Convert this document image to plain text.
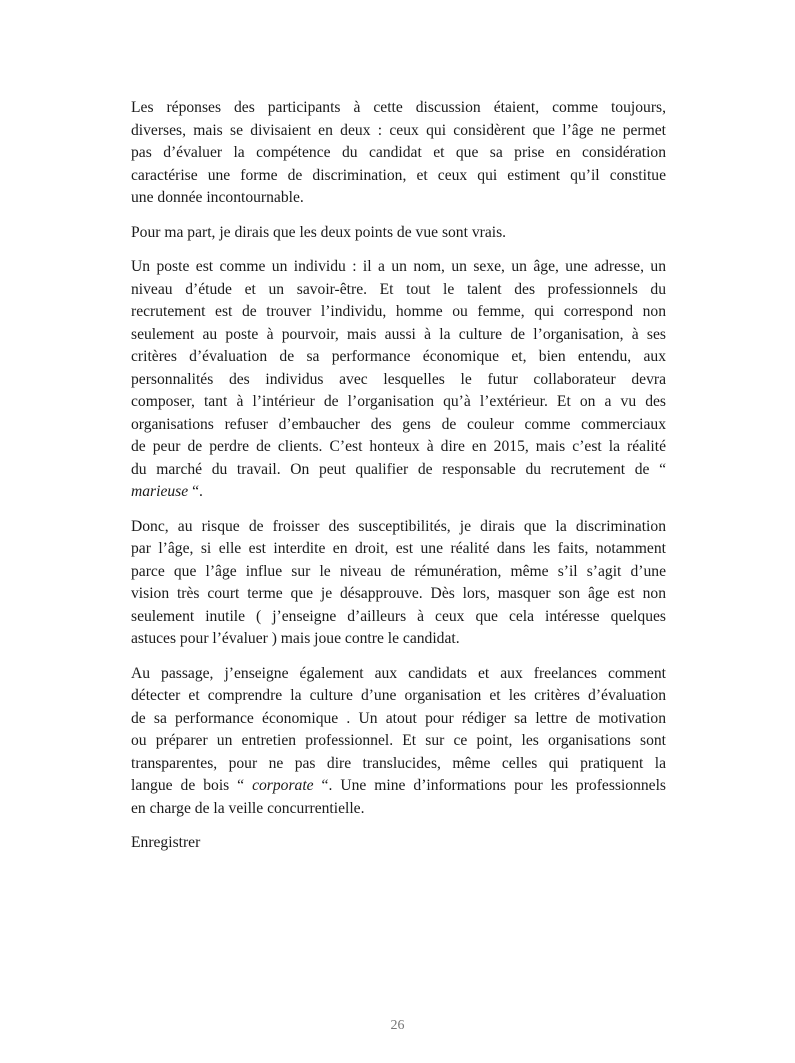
Les réponses des participants à cette discussion étaient, comme toujours,
diverses, mais se divisaient en deux : ceux qui considèrent que l’âge ne permet
pas d’évaluer la compétence du candidat et que sa prise en considération
caractérise une forme de discrimination, et ceux qui estiment qu’il constitue
une donnée incontournable.
Pour ma part, je dirais que les deux points de vue sont vrais.
Un poste est comme un individu : il a un nom, un sexe, un âge, une adresse, un
niveau d’étude et un savoir-être. Et tout le talent des professionnels du
recrutement est de trouver l’individu, homme ou femme, qui correspond non
seulement au poste à pourvoir, mais aussi à la culture de l’organisation, à ses
critères d’évaluation de sa performance économique et, bien entendu, aux
personnalités des individus avec lesquelles le futur collaborateur devra
composer, tant à l’intérieur de l’organisation qu’à l’extérieur. Et on a vu des
organisations refuser d’embaucher des gens de couleur comme commerciaux
de peur de perdre de clients. C’est honteux à dire en 2015, mais c’est la réalité
du marché du travail. On peut qualifier de responsable du recrutement de “
marieuse “.
Donc, au risque de froisser des susceptibilités, je dirais que la discrimination
par l’âge, si elle est interdite en droit, est une réalité dans les faits, notamment
parce que l’âge influe sur le niveau de rémunération, même s’il s’agit d’une
vision très court terme que je désapprouve. Dès lors, masquer son âge est non
seulement inutile ( j’enseigne d’ailleurs à ceux que cela intéresse quelques
astuces pour l’évaluer ) mais joue contre le candidat.
Au passage, j’enseigne également aux candidats et aux freelances comment
détecter et comprendre la culture d’une organisation et les critères d’évaluation
de sa performance économique . Un atout pour rédiger sa lettre de motivation
ou préparer un entretien professionnel. Et sur ce point, les organisations sont
transparentes, pour ne pas dire translucides, même celles qui pratiquent la
langue de bois “ corporate “. Une mine d’informations pour les professionnels
en charge de la veille concurrentielle.
Enregistrer
26
